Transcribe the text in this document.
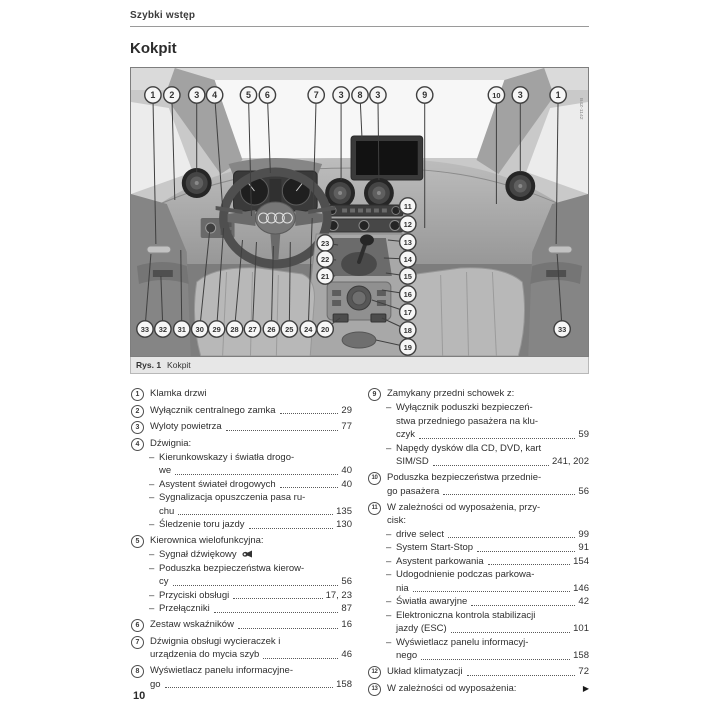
Szybki wstęp
Kokpit
B4Z-1142
1 2 3 4	5 6	7 3 8 3	9	10 3	1
11
12
13
14
15
16
17
18
19
23
22
21
20
33 32 31 30 29 28 27 26 25 24	33
Rys. 1 Kokpit
1	Klamka drzwi
2	Wyłącznik centralnego zamka	29
3	Wyloty powietrza	77
4	Dźwignia:
– Kierunkowskazy i światła drogo-
we	40
– Asystent świateł drogowych	40
– Sygnalizacja opuszczenia pasa ru-
chu	135
– Śledzenie toru jazdy	130
5	Kierownica wielofunkcyjna:
– Sygnał dźwiękowy
– Poduszka bezpieczeństwa kierow-
cy	56
– Przyciski obsługi	17, 23
– Przełączniki	87
6	Zestaw wskaźników	16
7	Dźwignia obsługi wycieraczek i
urządzenia do mycia szyb	46
8	Wyświetlacz panelu informacyjne-
go	158
9	Zamykany przedni schowek z:
– Wyłącznik poduszki bezpieczeń-
stwa przedniego pasażera na klu-
czyk	59
– Napędy dysków dla CD, DVD, kart
SIM/SD	241, 202
10 Poduszka bezpieczeństwa przednie-
go pasażera	56
11	W zależności od wyposażenia, przy-
cisk:
– drive select	99
– System Start-Stop	91
– Asystent parkowania	154
– Udogodnienie podczas parkowa-
nia	146
– Światła awaryjne	42
– Elektroniczna kontrola stabilizacji
jazdy (ESC)	101
– Wyświetlacz panelu informacyj-
nego	158
12 Układ klimatyzacji	72
13 W zależności od wyposażenia:	▶
10
